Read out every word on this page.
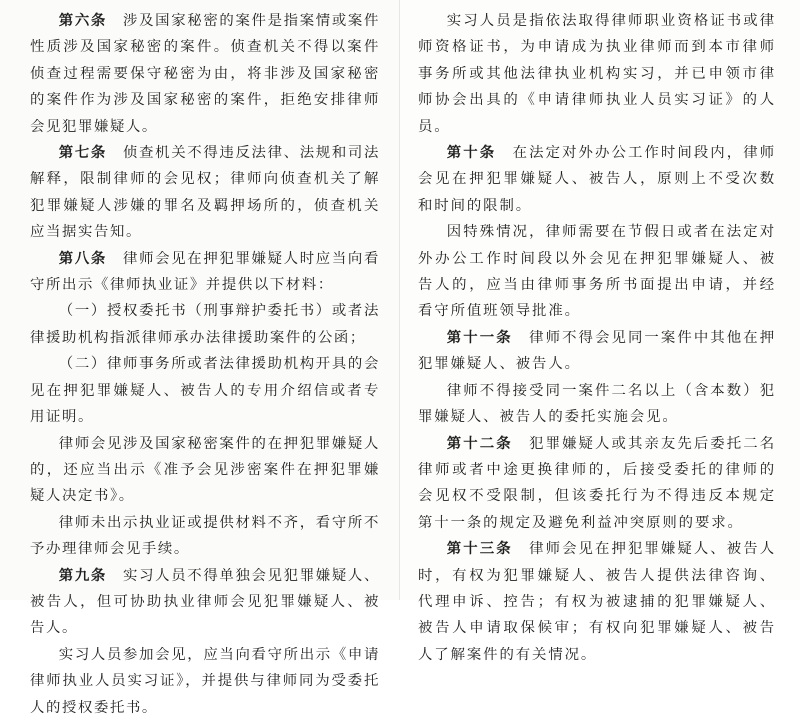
第六条  涉及国家秘密的案件是指案情或案件性质涉及国家秘密的案件。侦查机关不得以案件侦查过程需要保守秘密为由，将非涉及国家秘密的案件作为涉及国家秘密的案件，拒绝安排律师会见犯罪嫌疑人。

第七条  侦查机关不得违反法律、法规和司法解释，限制律师的会见权；律师向侦查机关了解犯罪嫌疑人涉嫌的罪名及羁押场所的，侦查机关应当据实告知。

第八条  律师会见在押犯罪嫌疑人时应当向看守所出示《律师执业证》并提供以下材料：

（一）授权委托书（刑事辩护委托书）或者法律援助机构指派律师承办法律援助案件的公函；

（二）律师事务所或者法律援助机构开具的会见在押犯罪嫌疑人、被告人的专用介绍信或者专用证明。

律师会见涉及国家秘密案件的在押犯罪嫌疑人的，还应当出示《准予会见涉密案件在押犯罪嫌疑人决定书》。

律师未出示执业证或提供材料不齐，看守所不予办理律师会见手续。

第九条  实习人员不得单独会见犯罪嫌疑人、被告人，但可协助执业律师会见犯罪嫌疑人、被告人。

实习人员参加会见，应当向看守所出示《申请律师执业人员实习证》，并提供与律师同为受委托人的授权委托书。

实习人员是指依法取得律师职业资格证书或律师资格证书，为申请成为执业律师而到本市律师事务所或其他法律执业机构实习，并已申领市律师协会出具的《申请律师执业人员实习证》的人员。

第十条  在法定对外办公工作时间段内，律师会见在押犯罪嫌疑人、被告人，原则上不受次数和时间的限制。

因特殊情况，律师需要在节假日或者在法定对外办公工作时间段以外会见在押犯罪嫌疑人、被告人的，应当由律师事务所书面提出申请，并经看守所值班领导批准。

第十一条  律师不得会见同一案件中其他在押犯罪嫌疑人、被告人。

律师不得接受同一案件二名以上（含本数）犯罪嫌疑人、被告人的委托实施会见。

第十二条  犯罪嫌疑人或其亲友先后委托二名律师或者中途更换律师的，后接受委托的律师的会见权不受限制，但该委托行为不得违反本规定第十一条的规定及避免利益冲突原则的要求。

第十三条  律师会见在押犯罪嫌疑人、被告人时，有权为犯罪嫌疑人、被告人提供法律咨询、代理申诉、控告；有权为被逮捕的犯罪嫌疑人、被告人申请取保候审；有权向犯罪嫌疑人、被告人了解案件的有关情况。
